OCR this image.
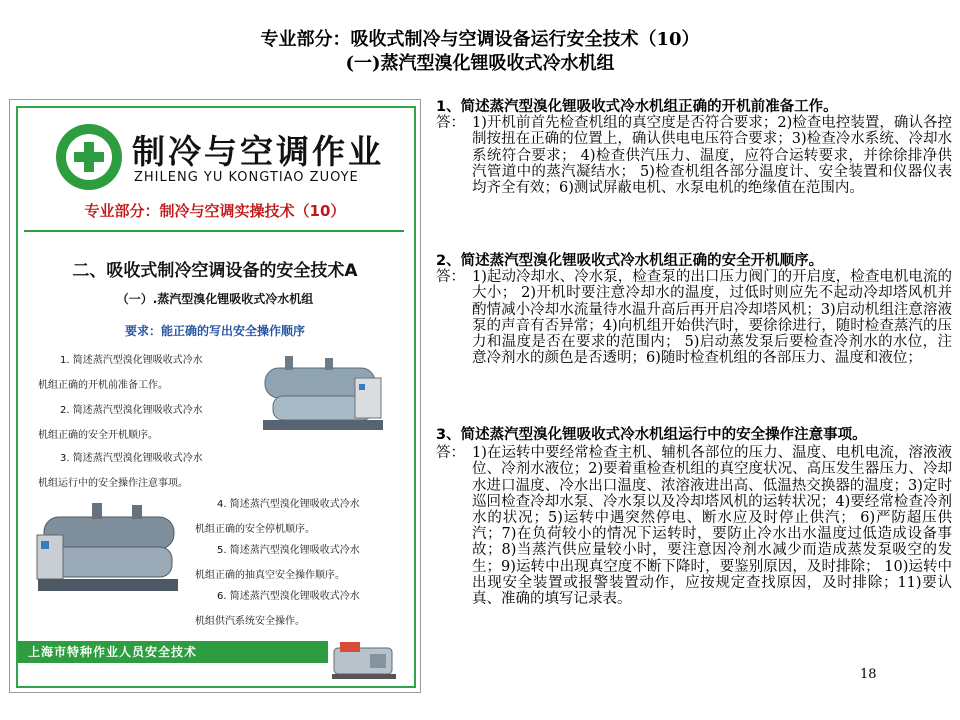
专业部分：吸收式制冷与空调设备运行安全技术（10）
(一)蒸汽型溴化锂吸收式冷水机组
制冷与空调作业
ZHILENG YU KONGTIAO ZUOYE
专业部分：制冷与空调实操技术（10）
二、吸收式制冷空调设备的安全技术A
（一）.蒸汽型溴化锂吸收式冷水机组
要求：能正确的写出安全操作顺序
1. 简述蒸汽型溴化锂吸收式冷水
机组正确的开机前准备工作。
2. 简述蒸汽型溴化锂吸收式冷水
机组正确的安全开机顺序。
3. 简述蒸汽型溴化锂吸收式冷水
机组运行中的安全操作注意事项。
4. 简述蒸汽型溴化锂吸收式冷水
机组正确的安全停机顺序。
5. 简述蒸汽型溴化锂吸收式冷水
机组正确的抽真空安全操作顺序。
6. 简述蒸汽型溴化锂吸收式冷水
机组供汽系统安全操作。
上海市特种作业人员安全技术
1、简述蒸汽型溴化锂吸收式冷水机组正确的开机前准备工作。
答： 1)开机前首先检查机组的真空度是否符合要求；2)检查电控装置，确认各控制按扭在正确的位置上，确认供电电压符合要求；3)检查冷水系统、冷却水系统符合要求； 4)检查供汽压力、温度，应符合运转要求，并徐徐排净供汽管道中的蒸汽凝结水； 5)检查机组各部分温度计、安全装置和仪器仪表均齐全有效；6)测试屏蔽电机、水泵电机的绝缘值在范围内。
2、简述蒸汽型溴化锂吸收式冷水机组正确的安全开机顺序。
答： 1)起动冷却水、冷水泵，检查泵的出口压力阀门的开启度，检查电机电流的大小； 2)开机时要注意冷却水的温度，过低时则应先不起动冷却塔风机并酌情减小冷却水流量待水温升高后再开启冷却塔风机；3)启动机组注意溶液泵的声音有否异常；4)向机组开始供汽时，要徐徐进行，随时检查蒸汽的压力和温度是否在要求的范围内； 5)启动蒸发泵后要检查冷剂水的水位，注意冷剂水的颜色是否透明；6)随时检查机组的各部压力、温度和液位；
3、简述蒸汽型溴化锂吸收式冷水机组运行中的安全操作注意事项。
答： 1)在运转中要经常检查主机、辅机各部位的压力、温度、电机电流，溶液液位、冷剂水液位；2)要着重检查机组的真空度状况、高压发生器压力、冷却水进口温度、冷水出口温度、浓溶液进出高、低温热交换器的温度；3)定时巡回检查冷却水泵、冷水泵以及冷却塔风机的运转状况；4)要经常检查冷剂水的状况；5)运转中遇突然停电、断水应及时停止供汽； 6)严防超压供汽；7)在负荷较小的情况下运转时，要防止冷水出水温度过低造成设备事故；8)当蒸汽供应量较小时，要注意因冷剂水减少而造成蒸发泵吸空的发生；9)运转中出现真空度不断下降时，要鉴别原因，及时排除； 10)运转中出现安全装置或报警装置动作，应按规定查找原因，及时排除；11)要认真、准确的填写记录表。
18
